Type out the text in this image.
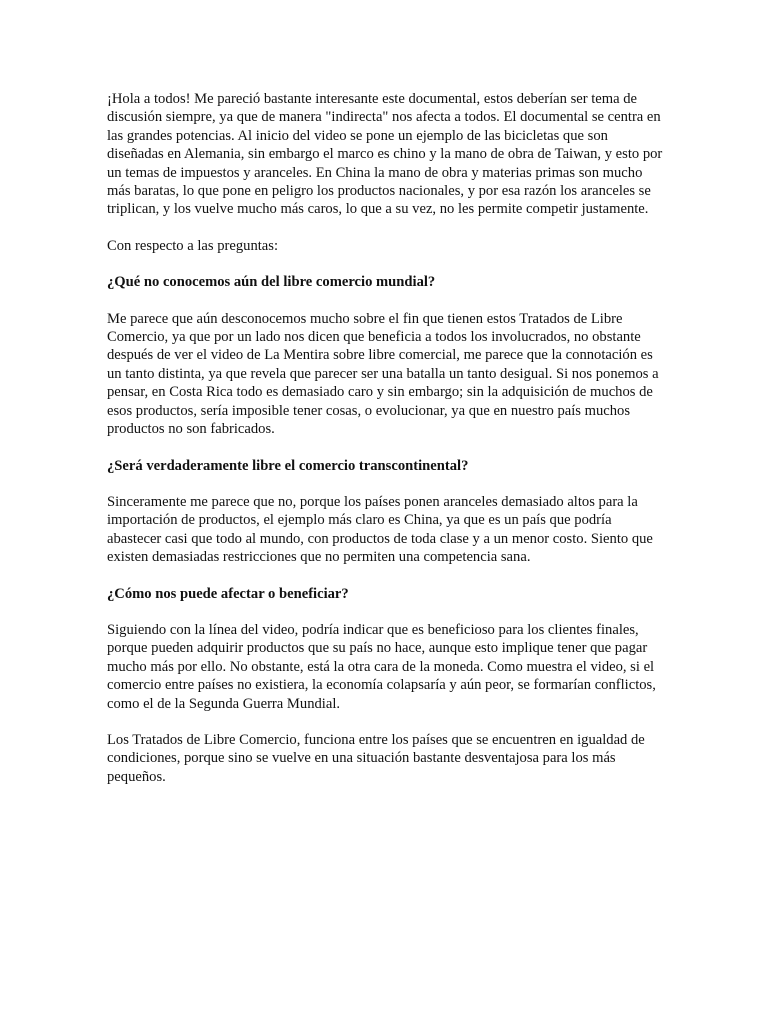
¡Hola a todos! Me pareció bastante interesante este documental, estos deberían ser tema de discusión siempre, ya que de manera "indirecta" nos afecta a todos. El documental se centra en las grandes potencias. Al inicio del video se pone un ejemplo de las bicicletas que son diseñadas en Alemania, sin embargo el marco es chino y la mano de obra de Taiwan, y esto por un temas de impuestos y aranceles. En China la mano de obra y materias primas son mucho más baratas, lo que pone en peligro los productos nacionales, y por esa razón los aranceles se triplican, y los vuelve mucho más caros, lo que a su vez, no les permite competir justamente.

Con respecto a las preguntas:

¿Qué no conocemos aún del libre comercio mundial?

Me parece que aún desconocemos mucho sobre el fin que tienen estos Tratados de Libre Comercio, ya que por un lado nos dicen que beneficia a todos los involucrados, no obstante después de ver el video de La Mentira sobre libre comercial, me parece que la connotación es un tanto distinta, ya que revela que parecer ser una batalla un tanto desigual. Si nos ponemos a pensar, en Costa Rica todo es demasiado caro y sin embargo; sin la adquisición de muchos de esos productos, sería imposible tener cosas, o evolucionar, ya que en nuestro país muchos productos no son fabricados.

¿Será verdaderamente libre el comercio transcontinental?

Sinceramente me parece que no, porque los países ponen aranceles demasiado altos para la importación de productos, el ejemplo más claro es China, ya que es un país que podría abastecer casi que todo al mundo, con productos de toda clase y a un menor costo. Siento que existen demasiadas restricciones que no permiten una competencia sana.

¿Cómo nos puede afectar o beneficiar?

Siguiendo con la línea del video, podría indicar que es beneficioso para los clientes finales, porque pueden adquirir productos que su país no hace, aunque esto implique tener que pagar mucho más por ello. No obstante, está la otra cara de la moneda. Como muestra el video, si el comercio entre países no existiera, la economía colapsaría y aún peor, se formarían conflictos, como el de la Segunda Guerra Mundial.

Los Tratados de Libre Comercio, funciona entre los países que se encuentren en igualdad de condiciones, porque sino se vuelve en una situación bastante desventajosa para los más pequeños.
